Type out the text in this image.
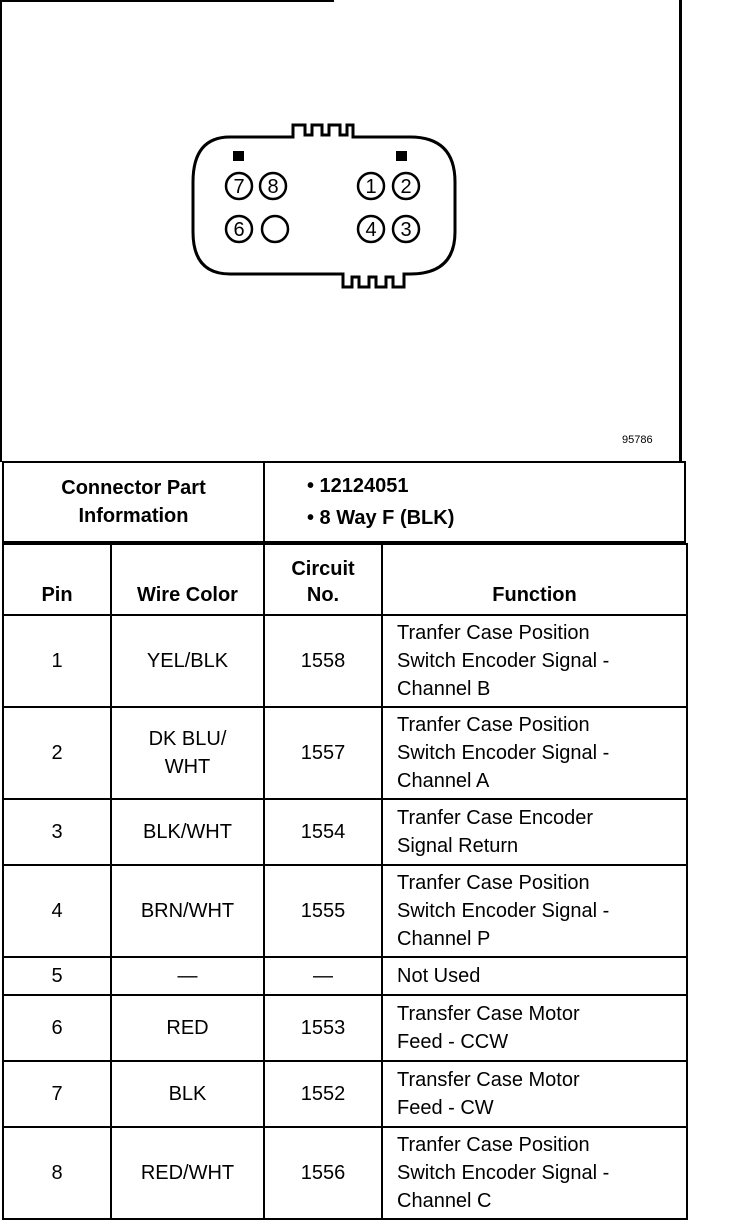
7 8	1 2
6	4 3
95786
Connector Part
Information

• 12124051
• 8 Way F (BLK)
Pin	Wire Color	Circuit
No.	Function
1	YEL/BLK	1558	Tranfer Case Position
Switch Encoder Signal -
Channel B
2	DK BLU/
WHT	1557	Tranfer Case Position
Switch Encoder Signal -
Channel A
3	BLK/WHT	1554	Tranfer Case Encoder
Signal Return
4	BRN/WHT	1555	Tranfer Case Position
Switch Encoder Signal -
Channel P
5	—	—	Not Used
6	RED	1553	Transfer Case Motor
Feed - CCW
7	BLK	1552	Transfer Case Motor
Feed - CW
8	RED/WHT	1556	Tranfer Case Position
Switch Encoder Signal -
Channel C
